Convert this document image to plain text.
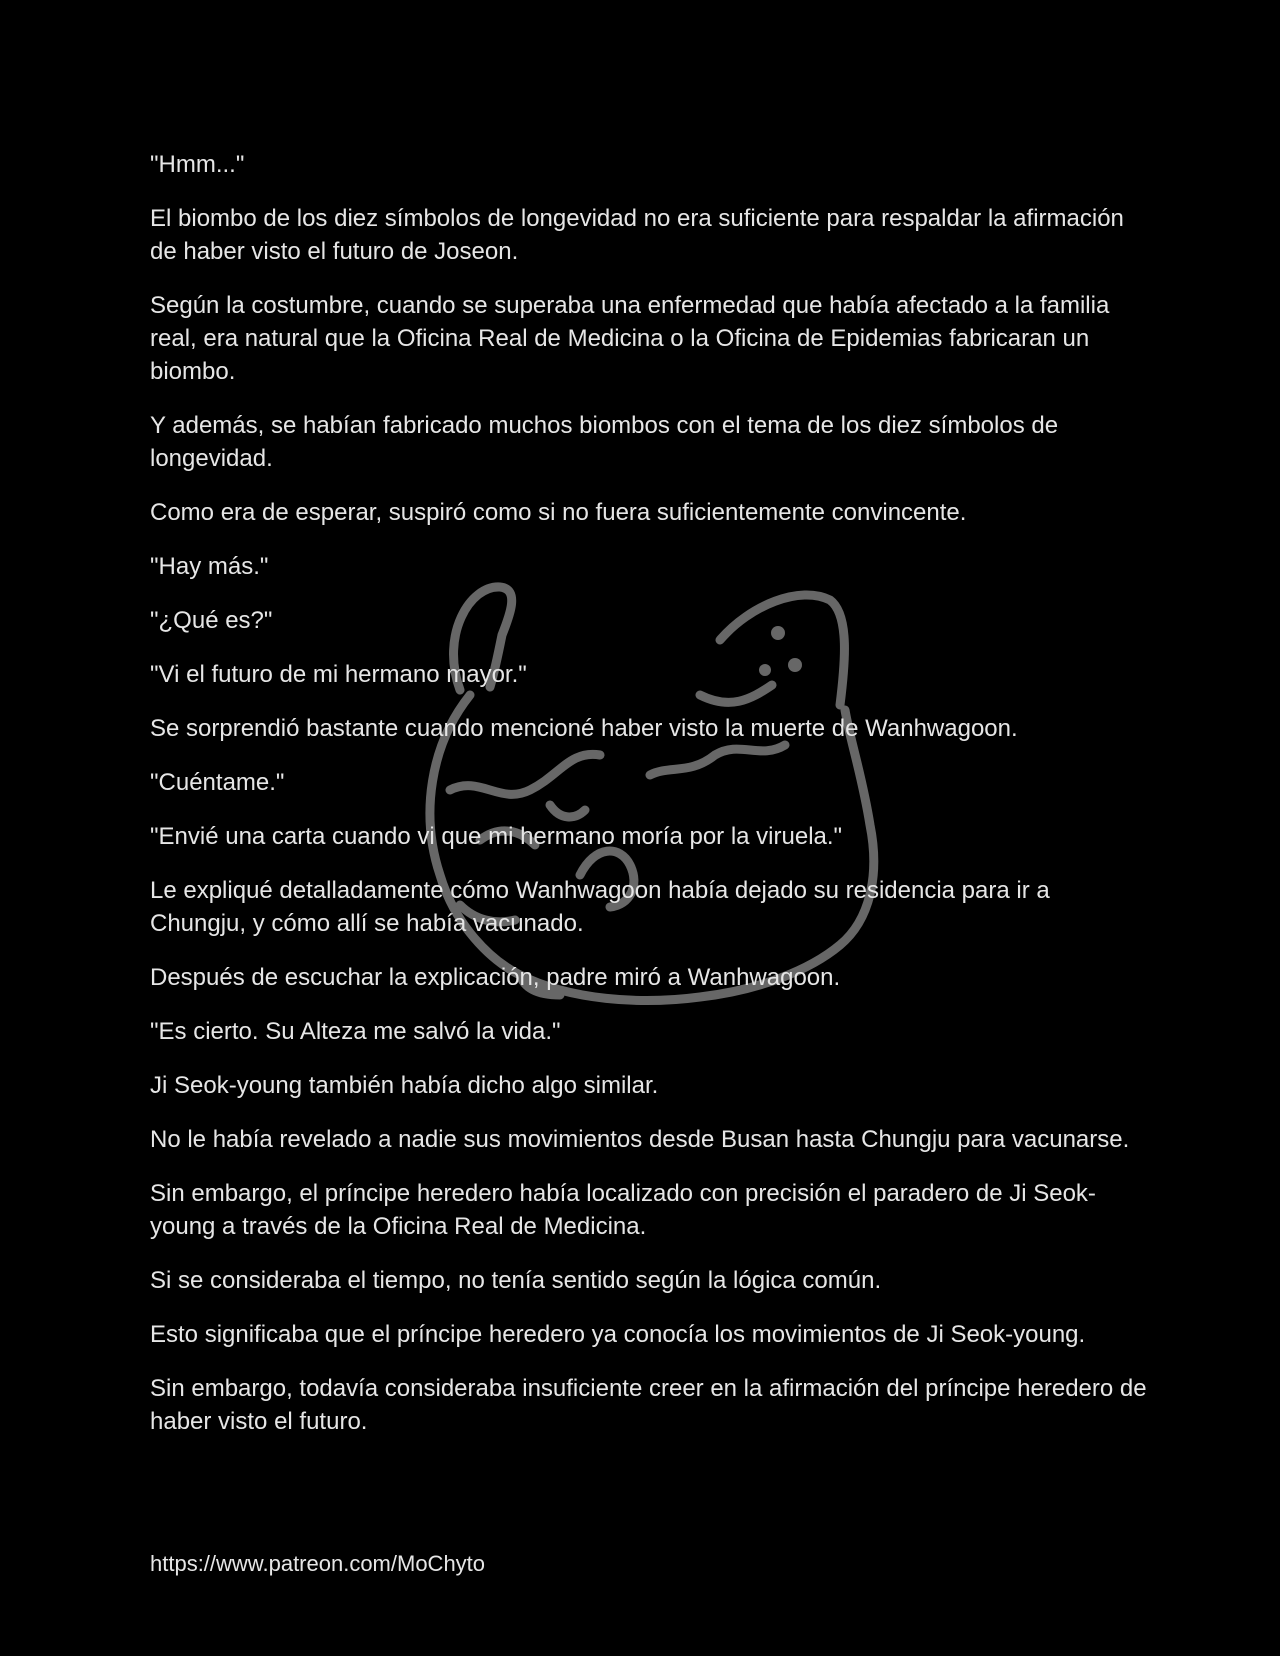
"Hmm..."

El biombo de los diez símbolos de longevidad no era suficiente para respaldar la afirmación de haber visto el futuro de Joseon.

Según la costumbre, cuando se superaba una enfermedad que había afectado a la familia real, era natural que la Oficina Real de Medicina o la Oficina de Epidemias fabricaran un biombo.

Y además, se habían fabricado muchos biombos con el tema de los diez símbolos de longevidad.

Como era de esperar, suspiró como si no fuera suficientemente convincente.

"Hay más."

"¿Qué es?"

"Vi el futuro de mi hermano mayor."

Se sorprendió bastante cuando mencioné haber visto la muerte de Wanhwagoon.

"Cuéntame."

"Envié una carta cuando vi que mi hermano moría por la viruela."

Le expliqué detalladamente cómo Wanhwagoon había dejado su residencia para ir a Chungju, y cómo allí se había vacunado.

Después de escuchar la explicación, padre miró a Wanhwagoon.

"Es cierto. Su Alteza me salvó la vida."

Ji Seok-young también había dicho algo similar.

No le había revelado a nadie sus movimientos desde Busan hasta Chungju para vacunarse.

Sin embargo, el príncipe heredero había localizado con precisión el paradero de Ji Seok-young a través de la Oficina Real de Medicina.

Si se consideraba el tiempo, no tenía sentido según la lógica común.

Esto significaba que el príncipe heredero ya conocía los movimientos de Ji Seok-young.

Sin embargo, todavía consideraba insuficiente creer en la afirmación del príncipe heredero de haber visto el futuro.

https://www.patreon.com/MoChyto
